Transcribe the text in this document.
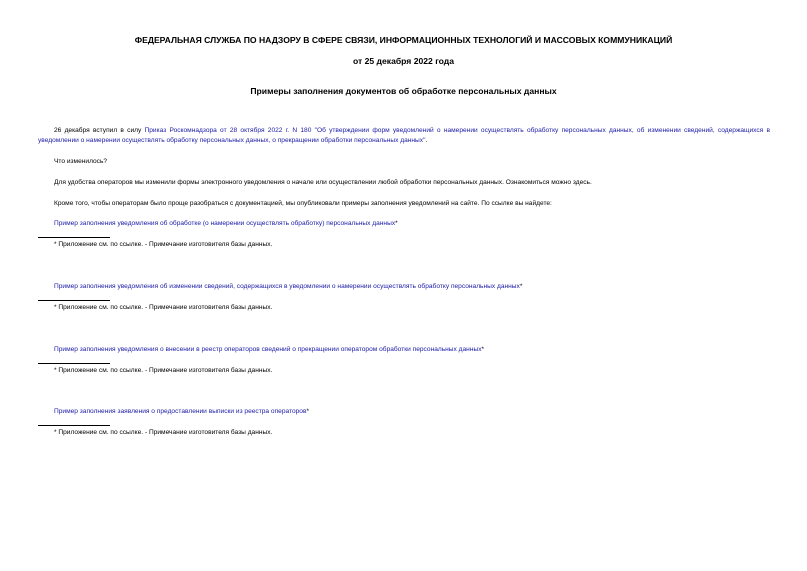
ФЕДЕРАЛЬНАЯ СЛУЖБА ПО НАДЗОРУ В СФЕРЕ СВЯЗИ, ИНФОРМАЦИОННЫХ ТЕХНОЛОГИЙ И МАССОВЫХ КОММУНИКАЦИЙ
от 25 декабря 2022 года
Примеры заполнения документов об обработке персональных данных
26 декабря вступил в силу Приказ Роскомнадзора от 28 октября 2022 г. N 180 "Об утверждении форм уведомлений о намерении осуществлять обработку персональных данных, об изменении сведений, содержащихся в уведомлении о намерении осуществлять обработку персональных данных, о прекращении обработки персональных данных".
Что изменилось?
Для удобства операторов мы изменили формы электронного уведомления о начале или осуществлении любой обработки персональных данных. Ознакомиться можно здесь.
Кроме того, чтобы операторам было проще разобраться с документацией, мы опубликовали примеры заполнения уведомлений на сайте. По ссылке вы найдете:
Пример заполнения уведомления об обработке (о намерении осуществлять обработку) персональных данных*
* Приложение см. по ссылке. - Примечание изготовителя базы данных.
Пример заполнения уведомления об изменении сведений, содержащихся в уведомлении о намерении осуществлять обработку персональных данных*
* Приложение см. по ссылке. - Примечание изготовителя базы данных.
Пример заполнения уведомления о внесении в реестр операторов сведений о прекращении оператором обработки персональных данных*
* Приложение см. по ссылке. - Примечание изготовителя базы данных.
Пример заполнения заявления о предоставлении выписки из реестра операторов*
* Приложение см. по ссылке. - Примечание изготовителя базы данных.
